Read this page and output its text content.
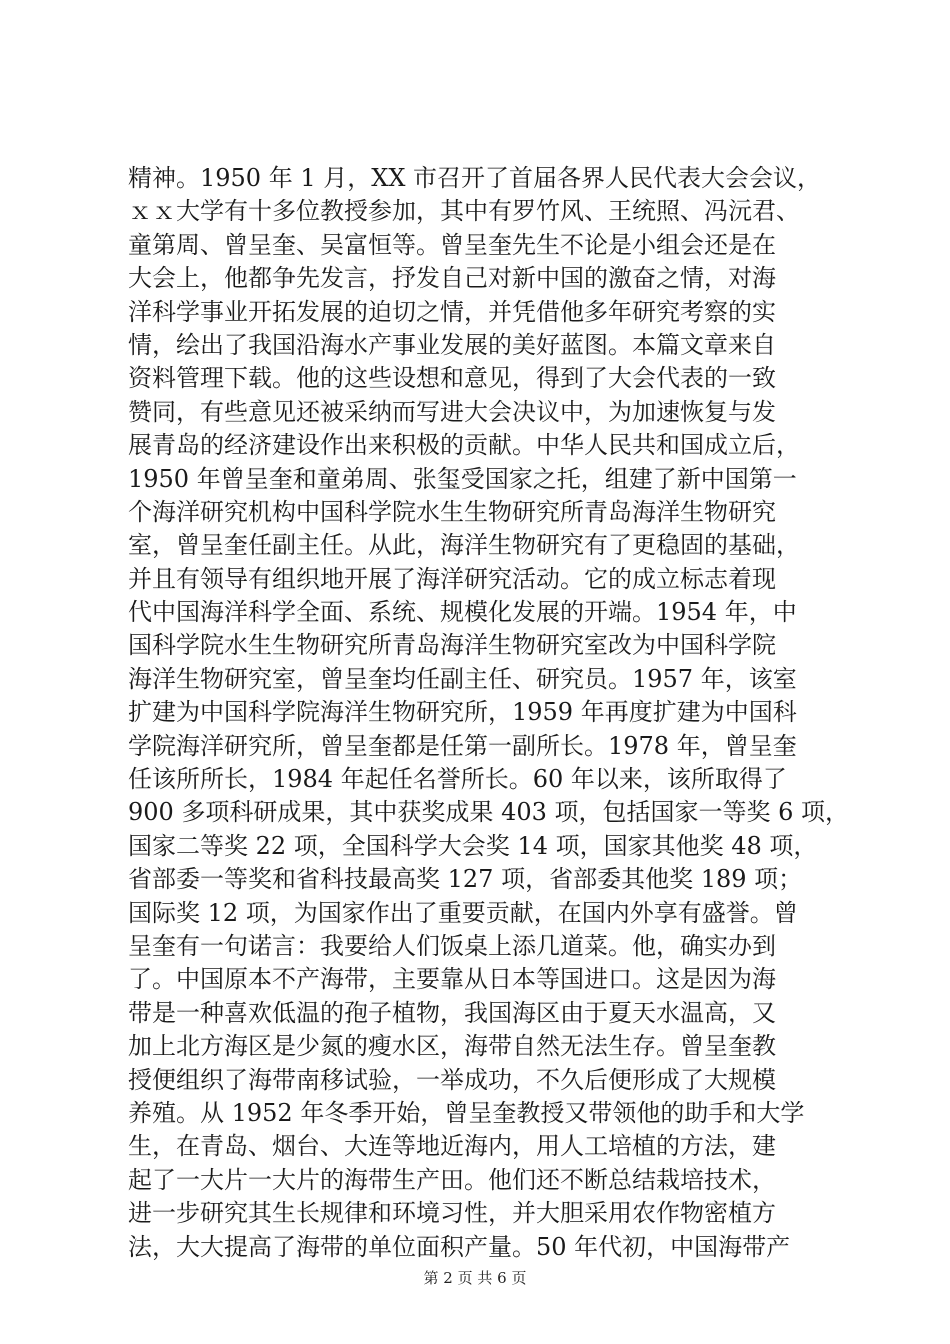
精神。1950 年 1 月，XX 市召开了首届各界人民代表大会会议，
ｘｘ大学有十多位教授参加，其中有罗竹风、王统照、冯沅君、
童第周、曾呈奎、吴富恒等。曾呈奎先生不论是小组会还是在
大会上，他都争先发言，抒发自己对新中国的激奋之情，对海
洋科学事业开拓发展的迫切之情，并凭借他多年研究考察的实
情，绘出了我国沿海水产事业发展的美好蓝图。本篇文章来自
资料管理下载。他的这些设想和意见，得到了大会代表的一致
赞同，有些意见还被采纳而写进大会决议中，为加速恢复与发
展青岛的经济建设作出来积极的贡献。中华人民共和国成立后，
1950 年曾呈奎和童弟周、张玺受国家之托，组建了新中国第一
个海洋研究机构中国科学院水生生物研究所青岛海洋生物研究
室，曾呈奎任副主任。从此，海洋生物研究有了更稳固的基础，
并且有领导有组织地开展了海洋研究活动。它的成立标志着现
代中国海洋科学全面、系统、规模化发展的开端。1954 年，中
国科学院水生生物研究所青岛海洋生物研究室改为中国科学院
海洋生物研究室，曾呈奎均任副主任、研究员。1957 年，该室
扩建为中国科学院海洋生物研究所，1959 年再度扩建为中国科
学院海洋研究所，曾呈奎都是任第一副所长。1978 年，曾呈奎
任该所所长，1984 年起任名誉所长。60 年以来，该所取得了
900 多项科研成果，其中获奖成果 403 项，包括国家一等奖 6 项，
国家二等奖 22 项，全国科学大会奖 14 项，国家其他奖 48 项，
省部委一等奖和省科技最高奖 127 项，省部委其他奖 189 项；
国际奖 12 项，为国家作出了重要贡献，在国内外享有盛誉。曾
呈奎有一句诺言：我要给人们饭桌上添几道菜。他，确实办到
了。中国原本不产海带，主要靠从日本等国进口。这是因为海
带是一种喜欢低温的孢子植物，我国海区由于夏天水温高，又
加上北方海区是少氮的瘦水区，海带自然无法生存。曾呈奎教
授便组织了海带南移试验，一举成功，不久后便形成了大规模
养殖。从 1952 年冬季开始，曾呈奎教授又带领他的助手和大学
生，在青岛、烟台、大连等地近海内，用人工培植的方法，建
起了一大片一大片的海带生产田。他们还不断总结栽培技术，
进一步研究其生长规律和环境习性，并大胆采用农作物密植方
法，大大提高了海带的单位面积产量。50 年代初，中国海带产
第 2 页 共 6 页
